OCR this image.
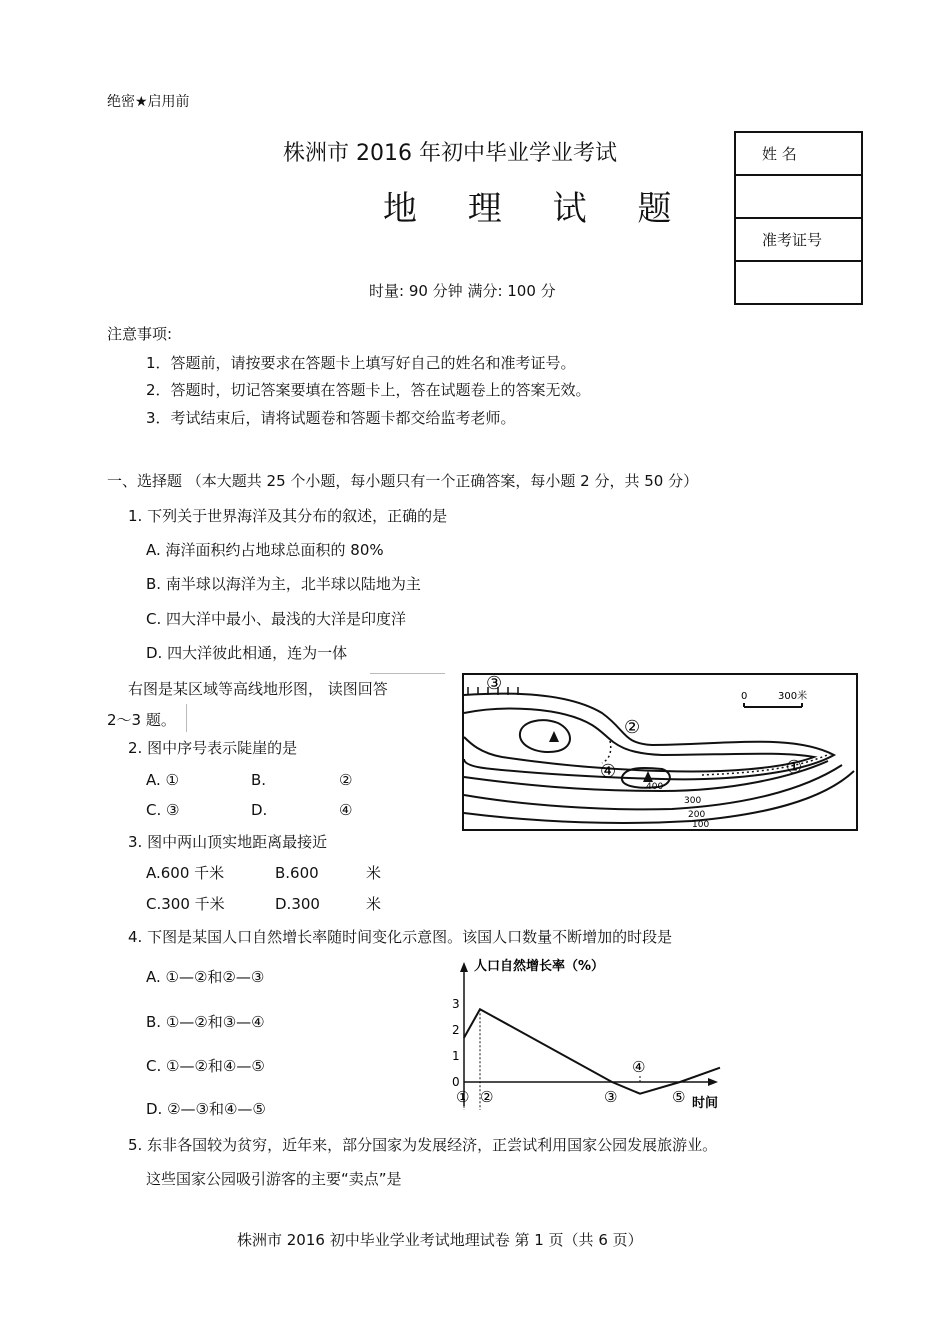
绝密★启用前
株洲市 2016 年初中毕业学业考试
地 理 试 题
时量: 90 分钟 满分: 100 分
姓 名

准考证号

注意事项:
1．答题前，请按要求在答题卡上填写好自己的姓名和准考证号。
2．答题时，切记答案要填在答题卡上，答在试题卷上的答案无效。
3．考试结束后，请将试题卷和答题卡都交给监考老师。
一、选择题 （本大题共 25 个小题，每小题只有一个正确答案，每小题 2 分，共 50 分）
1. 下列关于世界海洋及其分布的叙述，正确的是
A. 海洋面积约占地球总面积的 80%
B. 南半球以海洋为主，北半球以陆地为主
C. 四大洋中最小、最浅的大洋是印度洋
D. 四大洋彼此相通，连为一体
右图是某区域等高线地形图， 读图回答
2～3 题。
2. 图中序号表示陡崖的是
A. ①	B.	②
C. ③	D.	④
3. 图中两山顶实地距离最接近
A.600 千米	B.600	米
C.300 千米	D.300	米
4. 下图是某国人口自然增长率随时间变化示意图。该国人口数量不断增加的时段是
A. ①—②和②—③
B. ①—②和③—④
C. ①—②和④—⑤
D. ②—③和④—⑤
5. 东非各国较为贫穷，近年来，部分国家为发展经济，正尝试利用国家公园发展旅游业。
这些国家公园吸引游客的主要“卖点”是
株洲市 2016 初中毕业学业考试地理试卷 第 1 页（共 6 页）
0	300米
③
②
④	①
400
300
200
100
人口自然增长率（%）
时间
0
1
2
3
① ②	③
④
⑤
